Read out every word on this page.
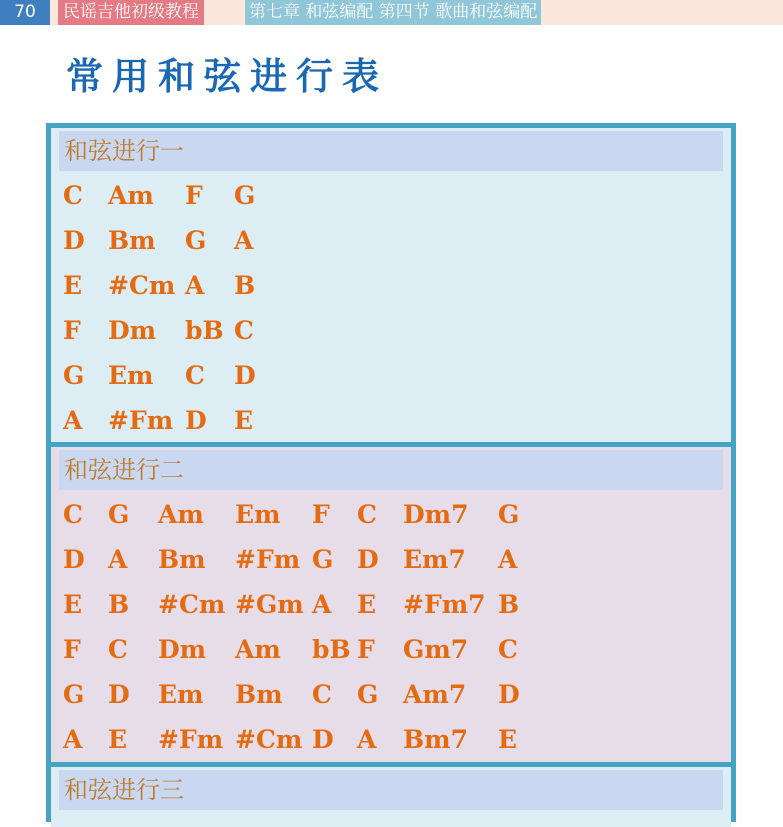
70	民谣吉他初级教程	第七章 和弦编配 第四节 歌曲和弦编配
常用和弦进行表
和弦进行一
C Am F G
D Bm G A
E #Cm A B
F Dm bB C
G Em C D
A #Fm D E
和弦进行二
C G Am Em F C Dm7 G
D A Bm #Fm G D Em7 A
E B #Cm #Gm A E #Fm7 B
F C Dm Am bB F Gm7 C
G D Em Bm C G Am7 D
A E #Fm #Cm D A Bm7 E
和弦进行三
